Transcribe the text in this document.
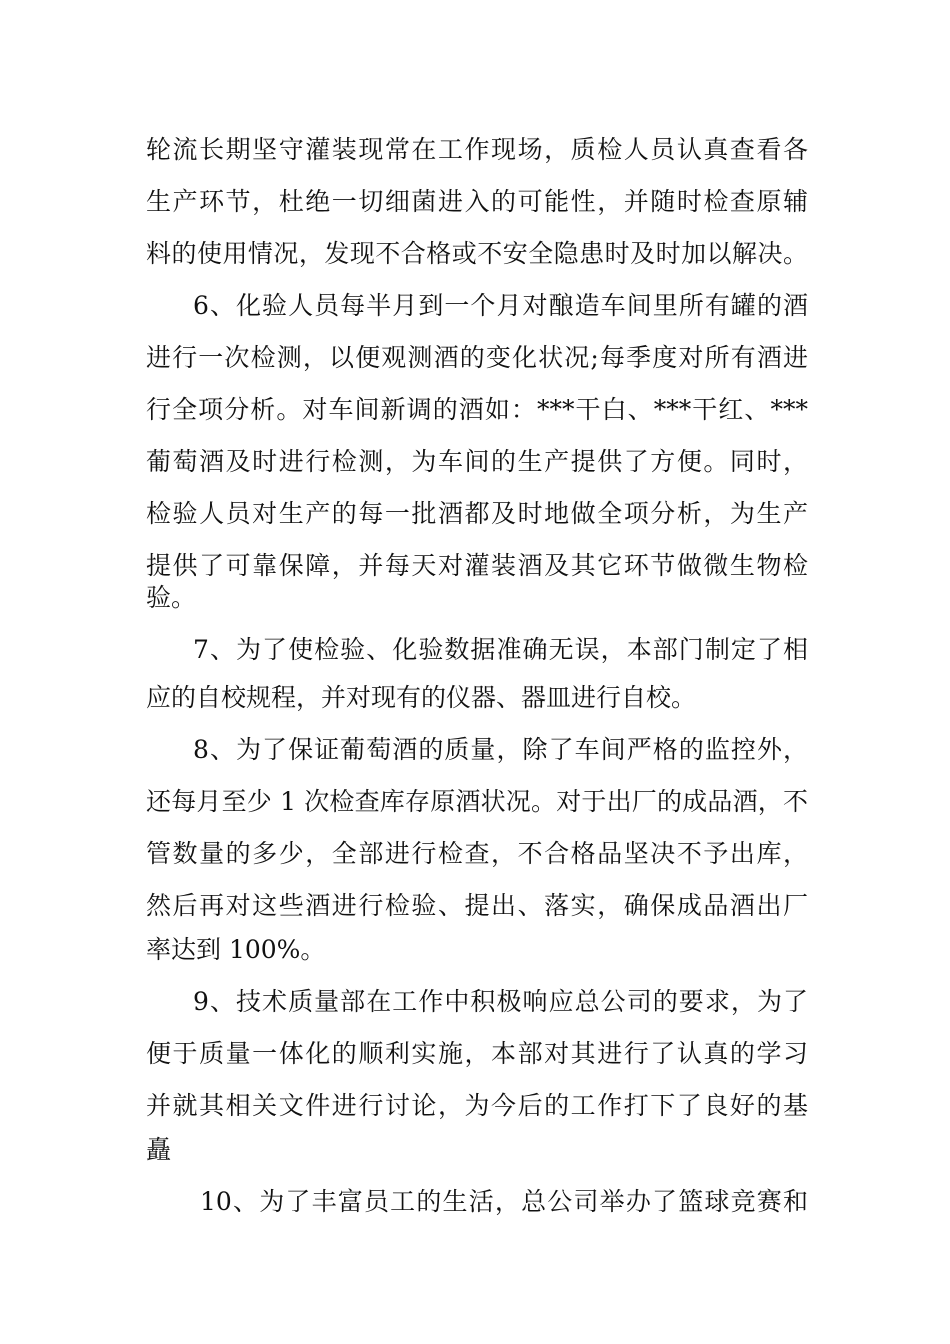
轮流长期坚守灌装现常在工作现场，质检人员认真查看各
生产环节，杜绝一切细菌进入的可能性，并随时检查原辅
料的使用情况，发现不合格或不安全隐患时及时加以解决。
6、化验人员每半月到一个月对酿造车间里所有罐的酒
进行一次检测，以便观测酒的变化状况;每季度对所有酒进
行全项分析。对车间新调的酒如：***干白、***干红、***
葡萄酒及时进行检测，为车间的生产提供了方便。同时，
检验人员对生产的每一批酒都及时地做全项分析，为生产
提供了可靠保障，并每天对灌装酒及其它环节做微生物检
验。
7、为了使检验、化验数据准确无误，本部门制定了相
应的自校规程，并对现有的仪器、器皿进行自校。
8、为了保证葡萄酒的质量，除了车间严格的监控外，
还每月至少 1 次检查库存原酒状况。对于出厂的成品酒，不
管数量的多少，全部进行检查，不合格品坚决不予出库，
然后再对这些酒进行检验、提出、落实，确保成品酒出厂
率达到 100%。
9、技术质量部在工作中积极响应总公司的要求，为了
便于质量一体化的顺利实施，本部对其进行了认真的学习
并就其相关文件进行讨论，为今后的工作打下了良好的基
矗
10、为了丰富员工的生活，总公司举办了篮球竞赛和
